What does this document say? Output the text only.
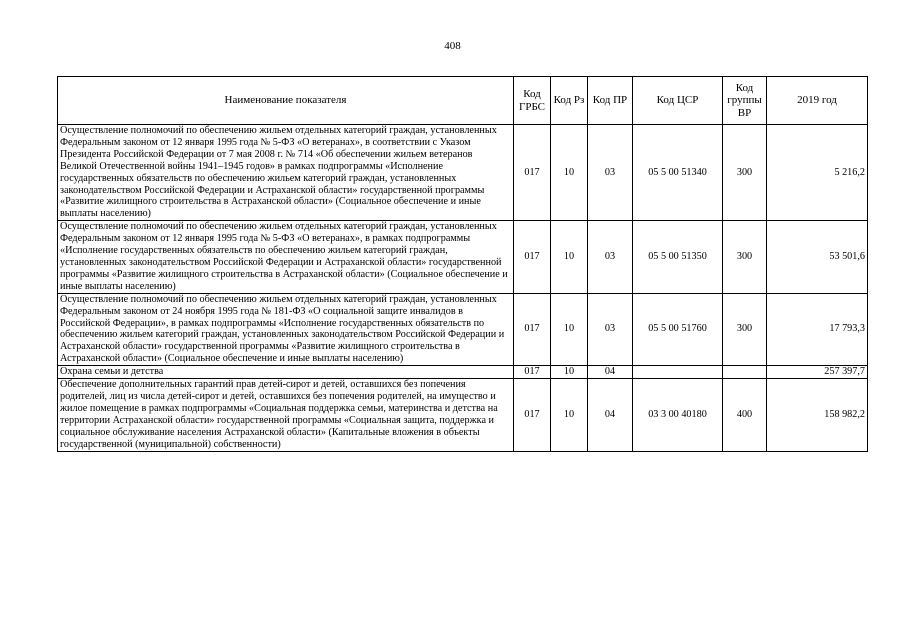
408
Наименование показателя	Код ГРБС	Код Рз	Код ПР	Код ЦСР	Код группы ВР	2019 год
Осуществление полномочий по обеспечению жильем отдельных категорий граждан, установленных Федеральным законом от 12 января 1995 года № 5-ФЗ «О ветеранах», в соответствии с Указом Президента Российской Федерации от 7 мая 2008 г. № 714 «Об обеспечении жильем ветеранов Великой Отечественной войны 1941–1945 годов» в рамках подпрограммы «Исполнение государственных обязательств по обеспечению жильем категорий граждан, установленных законодательством Российской Федерации и Астраханской области» государственной программы «Развитие жилищного строительства в Астраханской области» (Социальное обеспечение и иные выплаты населению)	017	10	03	05 5 00 51340	300	5 216,2
Осуществление полномочий по обеспечению жильем отдельных категорий граждан, установленных Федеральным законом от 12 января 1995 года № 5-ФЗ «О ветеранах», в рамках подпрограммы «Исполнение государственных обязательств по обеспечению жильем категорий граждан, установленных законодательством Российской Федерации и Астраханской области» государственной программы «Развитие жилищного строительства в Астраханской области» (Социальное обеспечение и иные выплаты населению)	017	10	03	05 5 00 51350	300	53 501,6
Осуществление полномочий по обеспечению жильем отдельных категорий граждан, установленных Федеральным законом от 24 ноября 1995 года № 181-ФЗ «О социальной защите инвалидов в Российской Федерации», в рамках подпрограммы «Исполнение государственных обязательств по обеспечению жильем категорий граждан, установленных законодательством Российской Федерации и Астраханской области» государственной программы «Развитие жилищного строительства в Астраханской области» (Социальное обеспечение и иные выплаты населению)	017	10	03	05 5 00 51760	300	17 793,3
Охрана семьи и детства	017	10	04			257 397,7
Обеспечение дополнительных гарантий прав детей-сирот и детей, оставшихся без попечения родителей, лиц из числа детей-сирот и детей, оставшихся без попечения родителей, на имущество и жилое помещение в рамках подпрограммы «Социальная поддержка семьи, материнства и детства на территории Астраханской области» государственной программы «Социальная защита, поддержка и социальное обслуживание населения Астраханской области» (Капитальные вложения в объекты государственной (муниципальной) собственности)	017	10	04	03 3 00 40180	400	158 982,2
